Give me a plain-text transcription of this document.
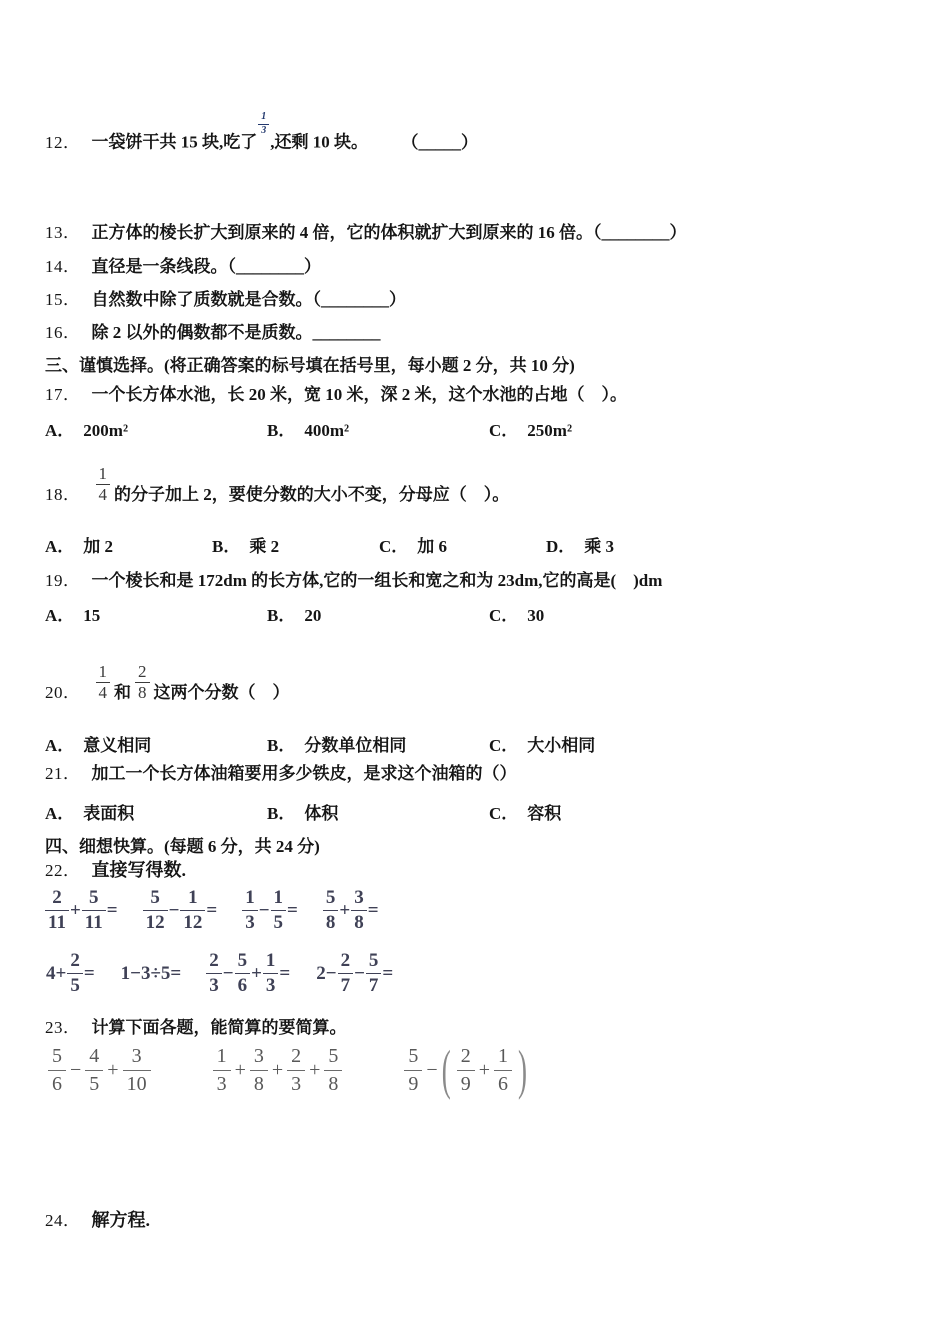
12． 一袋饼干共 15 块,吃了
$\frac{1}{3}$
,还剩 10 块。 （_____）
13． 正方体的棱长扩大到原来的 4 倍，它的体积就扩大到原来的 16 倍。（________）
14． 直径是一条线段。（________）
15． 自然数中除了质数就是合数。（________）
16． 除 2 以外的偶数都不是质数。________
三、谨慎选择。(将正确答案的标号填在括号里，每小题 2 分，共 10 分)
17． 一个长方体水池，长 20 米，宽 10 米，深 2 米，这个水池的占地（　）。
A． 200m²	B． 400m²	C． 250m²
18． $\frac{1}{4}$ 的分子加上 2，要使分数的大小不变，分母应（　）。
A． 加 2	B． 乘 2	C． 加 6	D． 乘 3
19． 一个棱长和是 172dm 的长方体,它的一组长和宽之和为 23dm,它的高是(　)dm
A． 15	B． 20	C． 30
20． $\frac{1}{4}$ 和 $\frac{2}{8}$ 这两个分数（　）
A． 意义相同	B． 分数单位相同	C． 大小相同
21． 加工一个长方体油箱要用多少铁皮，是求这个油箱的（）
A． 表面积	B． 体积	C． 容积
四、细想快算。(每题 6 分，共 24 分)
22． 直接写得数.
$\frac{2}{11} + \frac{5}{11} = \frac{5}{12} - \frac{1}{12} = \frac{1}{3} - \frac{1}{5} = \frac{5}{8} + \frac{3}{8}$ =
$4+ \frac{2}{5} = 1-3\div 5= \frac{2}{3} - \frac{5}{6} + \frac{1}{3} = 2- \frac{2}{7} - \frac{5}{7}$ =
23． 计算下面各题，能简算的要简算。
$\frac{5}{6} - \frac{4}{5} + \frac{3}{10}$	$\frac{1}{3} + \frac{3}{8} + \frac{2}{3} + \frac{5}{8}$	$\frac{5}{9}$ − ( $\frac{2}{9} + \frac{1}{6}$ )
24． 解方程.
